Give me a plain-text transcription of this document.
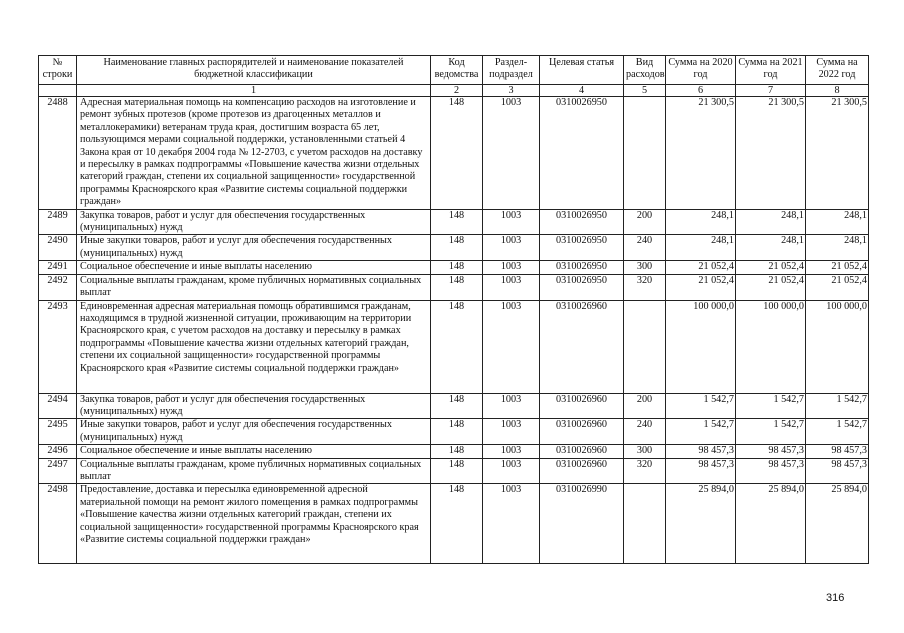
№ строки	Наименование главных распорядителей и наименование показателей бюджетной классификации	Код ведомства	Раздел-подраздел	Целевая статья	Вид расходов	Сумма на 2020 год	Сумма на 2021 год	Сумма на 2022 год
	1	2	3	4	5	6	7	8
2488	Адресная материальная помощь на компенсацию расходов на изготовление и ремонт зубных протезов (кроме протезов из драгоценных металлов и металлокерамики) ветеранам труда края, достигшим возраста 65 лет, пользующимся мерами социальной поддержки, установленными статьей 4 Закона края от 10 декабря 2004 года № 12-2703, с учетом расходов на доставку и пересылку в рамках подпрограммы «Повышение качества жизни отдельных категорий граждан, степени их социальной защищенности» государственной программы Красноярского края «Развитие системы социальной поддержки граждан»	148	1003	0310026950		21 300,5	21 300,5	21 300,5
2489	Закупка товаров, работ и услуг для обеспечения государственных (муниципальных) нужд	148	1003	0310026950	200	248,1	248,1	248,1
2490	Иные закупки товаров, работ и услуг для обеспечения государственных (муниципальных) нужд	148	1003	0310026950	240	248,1	248,1	248,1
2491	Социальное обеспечение и иные выплаты населению	148	1003	0310026950	300	21 052,4	21 052,4	21 052,4
2492	Социальные выплаты гражданам, кроме публичных нормативных социальных выплат	148	1003	0310026950	320	21 052,4	21 052,4	21 052,4
2493	Единовременная адресная материальная помощь обратившимся гражданам, находящимся в трудной жизненной ситуации, проживающим на территории Красноярского края, с учетом расходов на доставку и пересылку в рамках подпрограммы «Повышение качества жизни отдельных категорий граждан, степени их социальной защищенности» государственной программы Красноярского края «Развитие системы социальной поддержки граждан»	148	1003	0310026960		100 000,0	100 000,0	100 000,0
2494	Закупка товаров, работ и услуг для обеспечения государственных (муниципальных) нужд	148	1003	0310026960	200	1 542,7	1 542,7	1 542,7
2495	Иные закупки товаров, работ и услуг для обеспечения государственных (муниципальных) нужд	148	1003	0310026960	240	1 542,7	1 542,7	1 542,7
2496	Социальное обеспечение и иные выплаты населению	148	1003	0310026960	300	98 457,3	98 457,3	98 457,3
2497	Социальные выплаты гражданам, кроме публичных нормативных социальных выплат	148	1003	0310026960	320	98 457,3	98 457,3	98 457,3
2498	Предоставление, доставка и пересылка единовременной адресной материальной помощи на ремонт жилого помещения в рамках подпрограммы «Повышение качества жизни отдельных категорий граждан, степени их социальной защищенности» государственной программы Красноярского края «Развитие системы социальной поддержки граждан»	148	1003	0310026990		25 894,0	25 894,0	25 894,0
316
